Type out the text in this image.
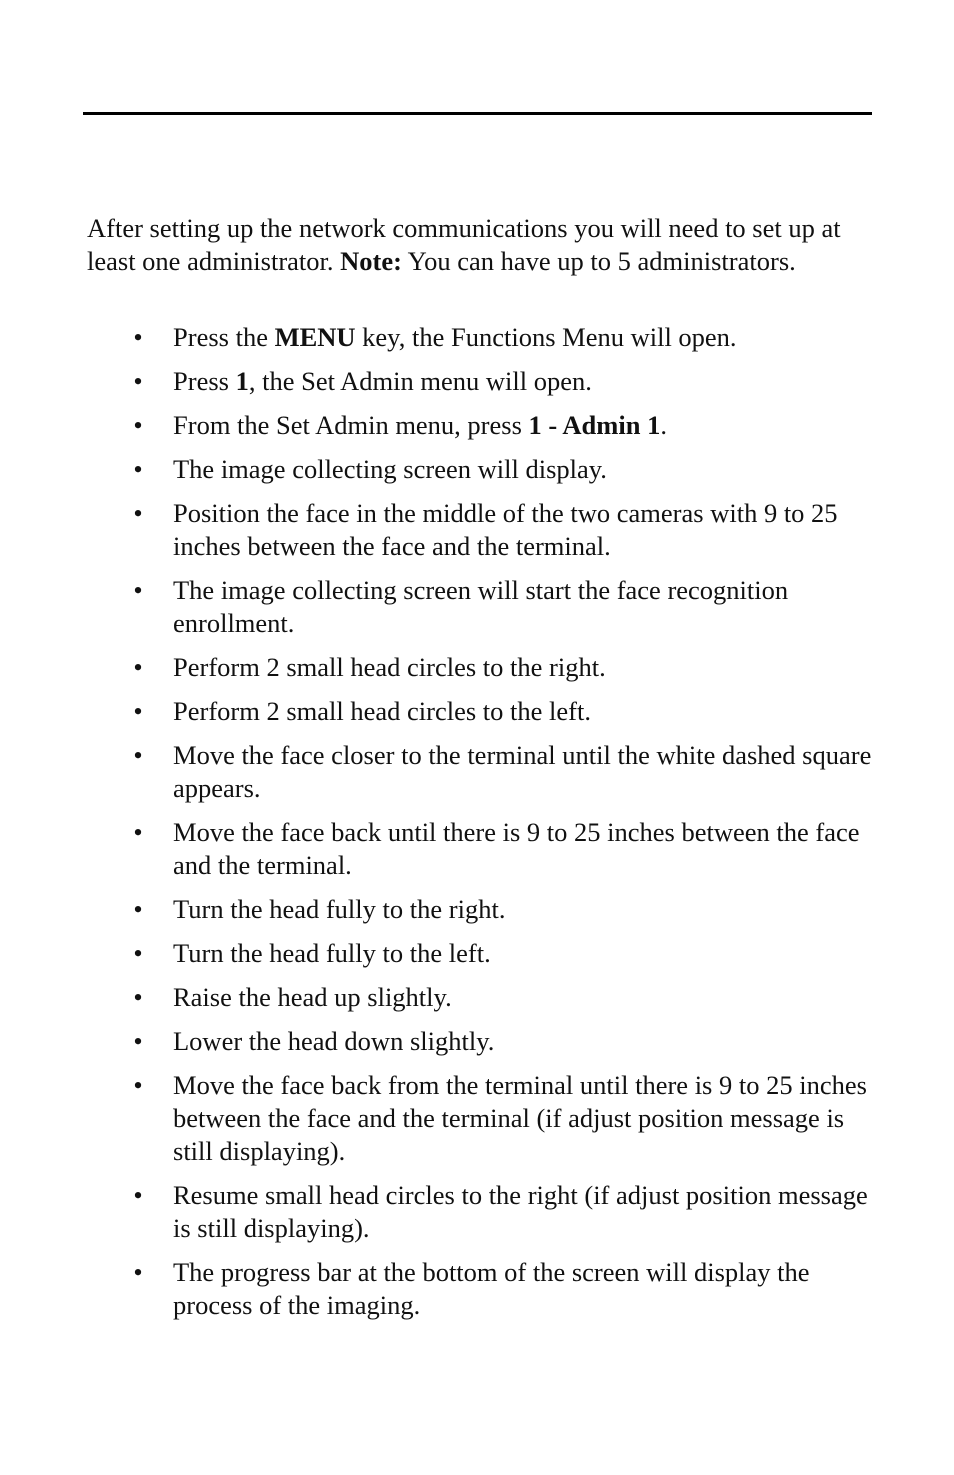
After setting up the network communications you will need to set up at least one administrator. Note: You can have up to 5 administrators.

• Press the MENU key, the Functions Menu will open.
• Press 1, the Set Admin menu will open.
• From the Set Admin menu, press 1 - Admin 1.
• The image collecting screen will display.
• Position the face in the middle of the two cameras with 9 to 25 inches between the face and the terminal.
• The image collecting screen will start the face recognition enrollment.
• Perform 2 small head circles to the right.
• Perform 2 small head circles to the left.
• Move the face closer to the terminal until the white dashed square appears.
• Move the face back until there is 9 to 25 inches between the face and the terminal.
• Turn the head fully to the right.
• Turn the head fully to the left.
• Raise the head up slightly.
• Lower the head down slightly.
• Move the face back from the terminal until there is 9 to 25 inches between the face and the terminal (if adjust position message is still displaying).
• Resume small head circles to the right (if adjust position message is still displaying).
• The progress bar at the bottom of the screen will display the process of the imaging.
